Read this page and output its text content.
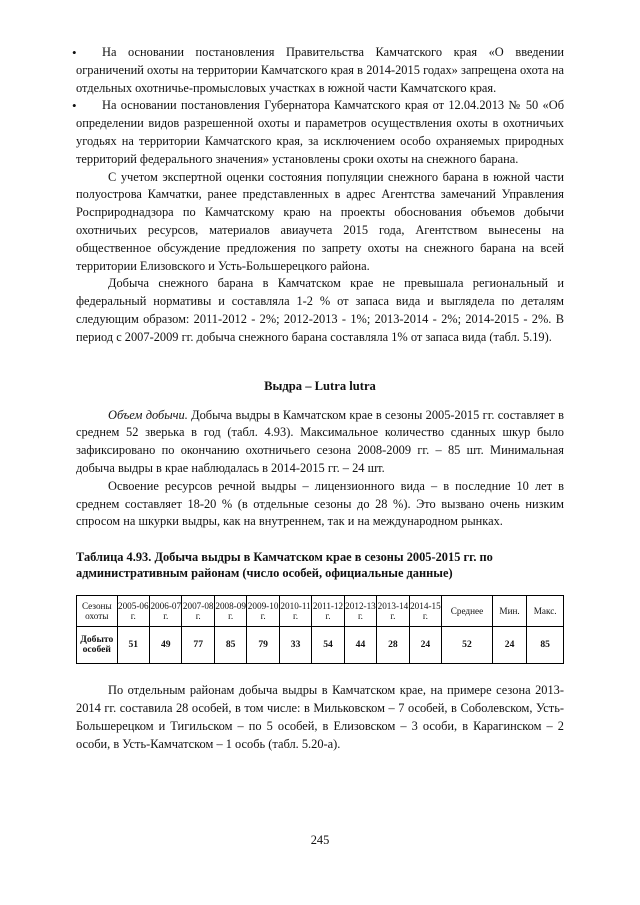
• На основании постановления Правительства Камчатского края «О введении ограничений охоты на территории Камчатского края в 2014-2015 годах» запрещена охота на отдельных охотничье-промысловых участках в южной части Камчатского края.

• На основании постановления Губернатора Камчатского края от 12.04.2013 № 50 «Об определении видов разрешенной охоты и параметров осуществления охоты в охотничьих угодьях на территории Камчатского края, за исключением особо охраняемых природных территорий федерального значения» установлены сроки охоты на снежного барана.

С учетом экспертной оценки состояния популяции снежного барана в южной части полуострова Камчатки, ранее представленных в адрес Агентства замечаний Управления Росприроднадзора по Камчатскому краю на проекты обоснования объемов добычи охотничьих ресурсов, материалов авиаучета 2015 года, Агентством вынесены на общественное обсуждение предложения по запрету охоты на снежного барана на всей территории Елизовского и Усть-Большерецкого района.

Добыча снежного барана в Камчатском крае не превышала региональный и федеральный нормативы и составляла 1-2 % от запаса вида и выглядела по деталям следующим образом: 2011-2012 - 2%; 2012-2013 - 1%; 2013-2014 - 2%; 2014-2015 - 2%. В период с 2007-2009 гг. добыча снежного барана составляла 1% от запаса вида (табл. 5.19).

Выдра – Lutra lutra

Объем добычи. Добыча выдры в Камчатском крае в сезоны 2005-2015 гг. составляет в среднем 52 зверька в год (табл. 4.93). Максимальное количество сданных шкур было зафиксировано по окончанию охотничьего сезона 2008-2009 гг. – 85 шт. Минимальная добыча выдры в крае наблюдалась в 2014-2015 гг. – 24 шт.

Освоение ресурсов речной выдры – лицензионного вида – в последние 10 лет в среднем составляет 18-20 % (в отдельные сезоны до 28 %). Это вызвано очень низким спросом на шкурки выдры, как на внутреннем, так и на международном рынках.

Таблица 4.93. Добыча выдры в Камчатском крае в сезоны 2005-2015 гг. по административным районам (число особей, официальные данные)
Сезоны охоты	2005-06 г.	2006-07 г.	2007-08 г.	2008-09 г.	2009-10 г.	2010-11 г.	2011-12 г.	2012-13 г.	2013-14 г.	2014-15 г.	Среднее	Мин.	Макс.
Добыто особей	51	49	77	85	79	33	54	44	28	24	52	24	85

По отдельным районам добыча выдры в Камчатском крае, на примере сезона 2013-2014 гг. составила 28 особей, в том числе: в Мильковском – 7 особей, в Соболевском, Усть-Большерецком и Тигильском – по 5 особей, в Елизовском – 3 особи, в Карагинском – 2 особи, в Усть-Камчатском – 1 особь (табл. 5.20-а).

245
